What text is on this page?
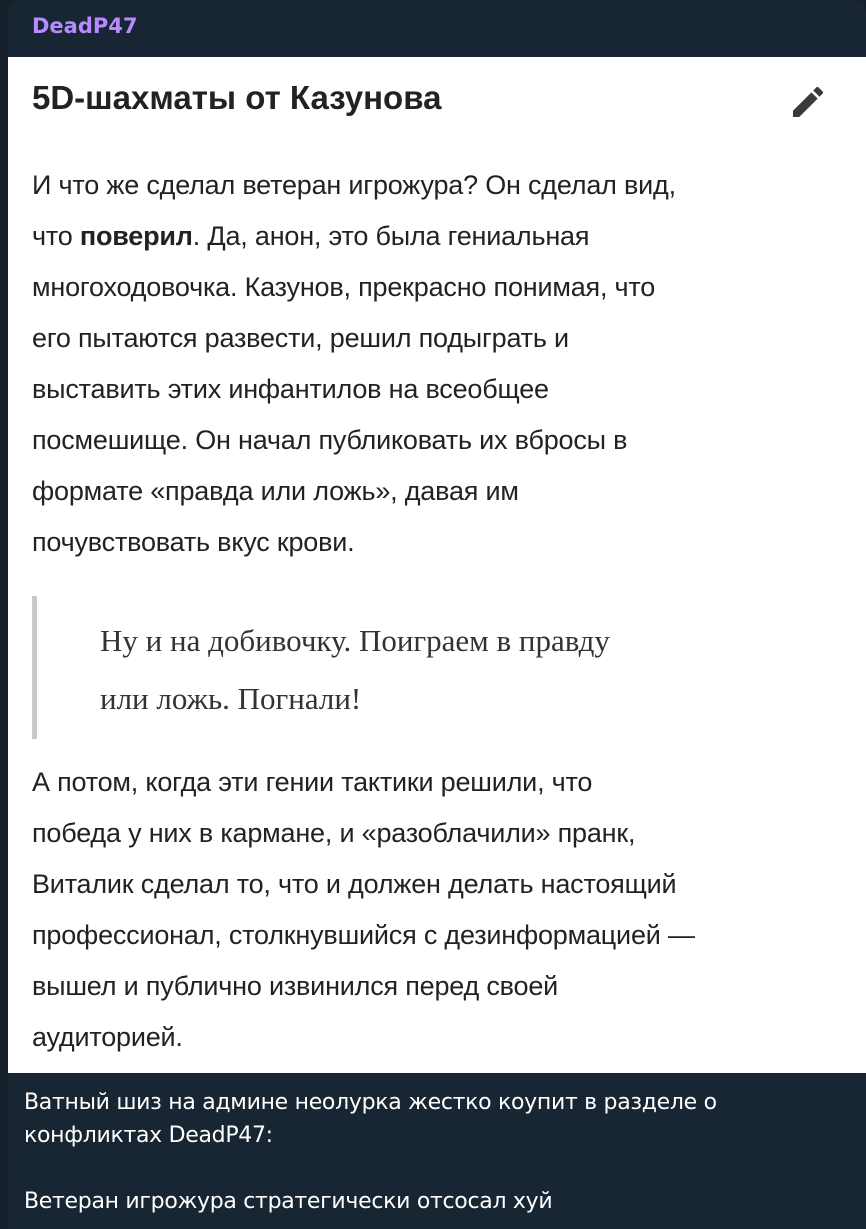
DeadP47
5D-шахматы от Казунова
И что же сделал ветеран игрожура? Он сделал вид,
что поверил. Да, анон, это была гениальная
многоходовочка. Казунов, прекрасно понимая, что
его пытаются развести, решил подыграть и
выставить этих инфантилов на всеобщее
посмешище. Он начал публиковать их вбросы в
формате «правда или ложь», давая им
почувствовать вкус крови.
Ну и на добивочку. Поиграем в правду
или ложь. Погнали!
А потом, когда эти гении тактики решили, что
победа у них в кармане, и «разоблачили» пранк,
Виталик сделал то, что и должен делать настоящий
профессионал, столкнувшийся с дезинформацией —
вышел и публично извинился перед своей
аудиторией.
Ватный шиз на админе неолурка жестко коупит в разделе о
конфликтах DeadP47:
Ветеран игрожура стратегически отсосал хуй
